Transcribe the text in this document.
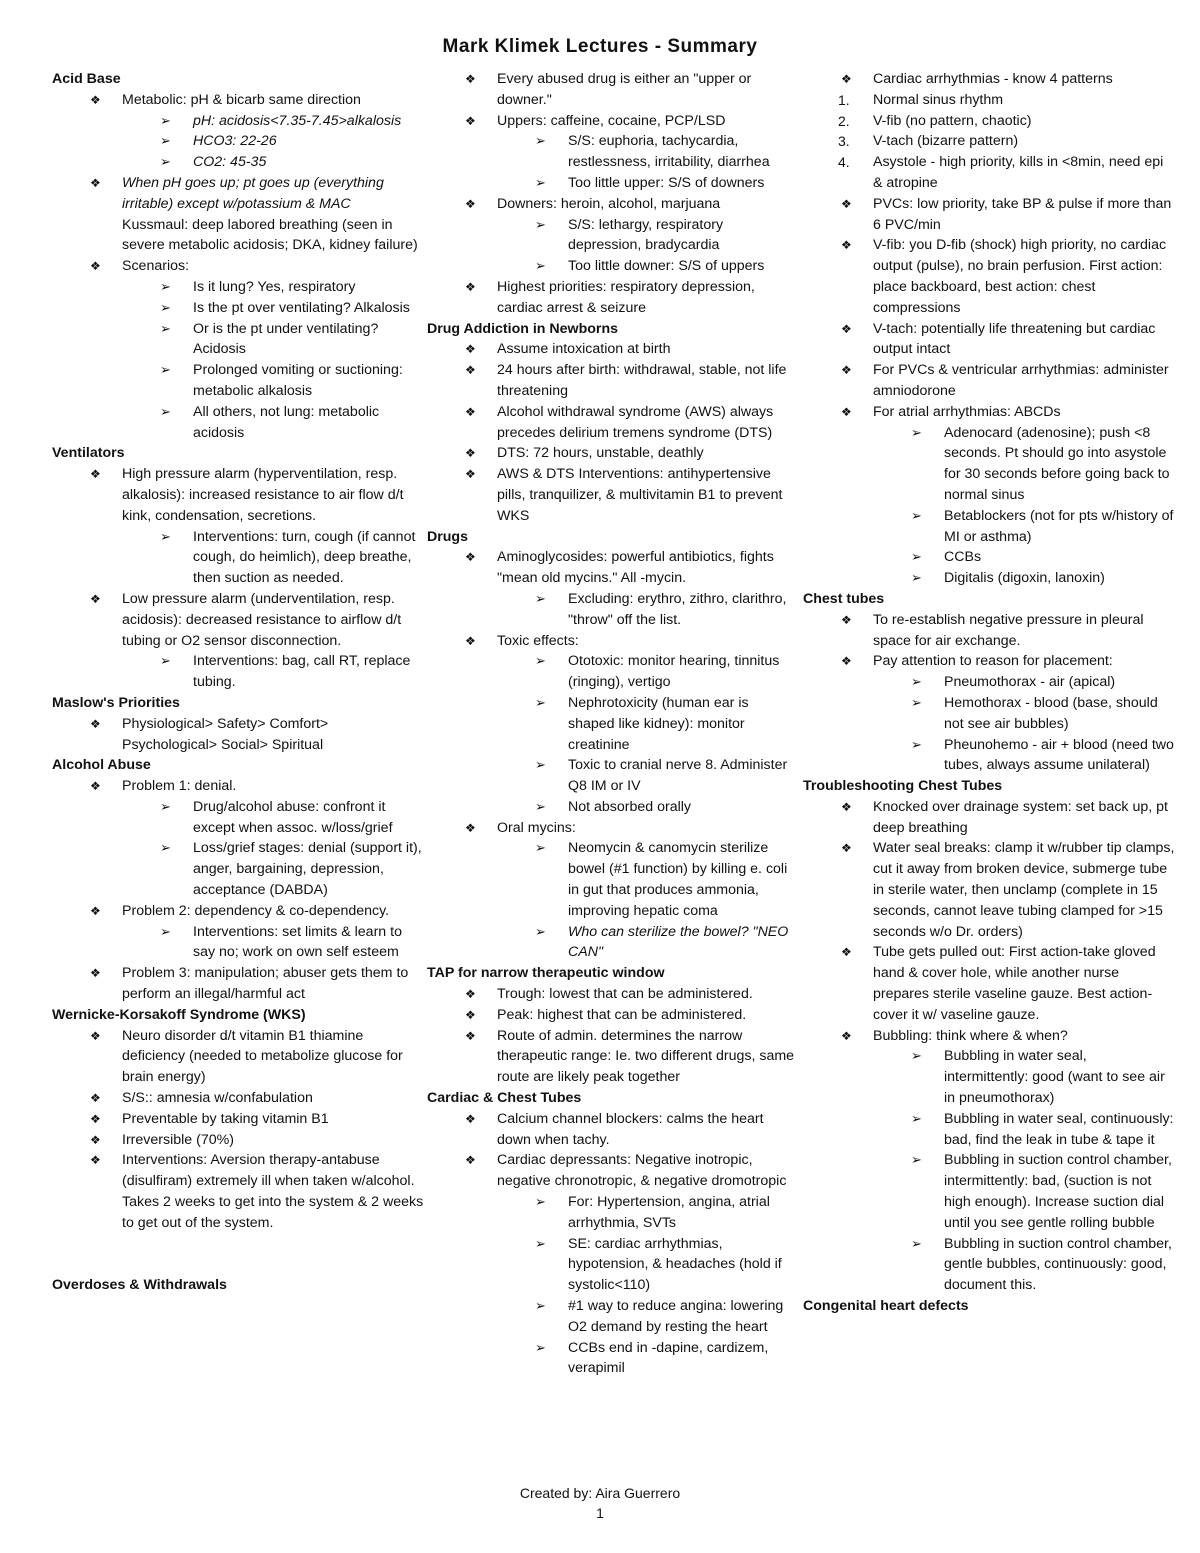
Mark Klimek Lectures - Summary
Acid Base
❖ Metabolic: pH & bicarb same direction
➢ pH: acidosis<7.35-7.45>alkalosis
➢ HCO3: 22-26
➢ CO2: 45-35
❖ When pH goes up; pt goes up (everything irritable) except w/potassium & MAC
Kussmaul: deep labored breathing (seen in severe metabolic acidosis; DKA, kidney failure)
❖ Scenarios:
➢ Is it lung? Yes, respiratory
➢ Is the pt over ventilating? Alkalosis
➢ Or is the pt under ventilating? Acidosis
➢ Prolonged vomiting or suctioning: metabolic alkalosis
➢ All others, not lung: metabolic acidosis
Ventilators
❖ High pressure alarm (hyperventilation, resp. alkalosis): increased resistance to air flow d/t kink, condensation, secretions.
➢ Interventions: turn, cough (if cannot cough, do heimlich), deep breathe, then suction as needed.
❖ Low pressure alarm (underventilation, resp. acidosis): decreased resistance to airflow d/t tubing or O2 sensor disconnection.
➢ Interventions: bag, call RT, replace tubing.
Maslow's Priorities
❖ Physiological> Safety> Comfort> Psychological> Social> Spiritual
Alcohol Abuse
❖ Problem 1: denial.
➢ Drug/alcohol abuse: confront it except when assoc. w/loss/grief
➢ Loss/grief stages: denial (support it), anger, bargaining, depression, acceptance (DABDA)
❖ Problem 2: dependency & co-dependency.
➢ Interventions: set limits & learn to say no; work on own self esteem
❖ Problem 3: manipulation; abuser gets them to perform an illegal/harmful act
Wernicke-Korsakoff Syndrome (WKS)
❖ Neuro disorder d/t vitamin B1 thiamine deficiency (needed to metabolize glucose for brain energy)
❖ S/S:: amnesia w/confabulation
❖ Preventable by taking vitamin B1
❖ Irreversible (70%)
❖ Interventions: Aversion therapy-antabuse (disulfiram) extremely ill when taken w/alcohol. Takes 2 weeks to get into the system & 2 weeks to get out of the system.
Overdoses & Withdrawals
❖ Every abused drug is either an "upper or downer."
❖ Uppers: caffeine, cocaine, PCP/LSD
➢ S/S: euphoria, tachycardia, restlessness, irritability, diarrhea
➢ Too little upper: S/S of downers
❖ Downers: heroin, alcohol, marjuana
➢ S/S: lethargy, respiratory depression, bradycardia
➢ Too little downer: S/S of uppers
❖ Highest priorities: respiratory depression, cardiac arrest & seizure
Drug Addiction in Newborns
❖ Assume intoxication at birth
❖ 24 hours after birth: withdrawal, stable, not life threatening
❖ Alcohol withdrawal syndrome (AWS) always precedes delirium tremens syndrome (DTS)
❖ DTS: 72 hours, unstable, deathly
❖ AWS & DTS Interventions: antihypertensive pills, tranquilizer, & multivitamin B1 to prevent WKS
Drugs
❖ Aminoglycosides: powerful antibiotics, fights "mean old mycins." All -mycin.
➢ Excluding: erythro, zithro, clarithro, "throw" off the list.
❖ Toxic effects:
➢ Ototoxic: monitor hearing, tinnitus (ringing), vertigo
➢ Nephrotoxicity (human ear is shaped like kidney): monitor creatinine
➢ Toxic to cranial nerve 8. Administer Q8 IM or IV
➢ Not absorbed orally
❖ Oral mycins:
➢ Neomycin & canomycin sterilize bowel (#1 function) by killing e. coli in gut that produces ammonia, improving hepatic coma
➢ Who can sterilize the bowel? "NEO CAN"
TAP for narrow therapeutic window
❖ Trough: lowest that can be administered.
❖ Peak: highest that can be administered.
❖ Route of admin. determines the narrow therapeutic range: Ie. two different drugs, same route are likely peak together
Cardiac & Chest Tubes
❖ Calcium channel blockers: calms the heart down when tachy.
❖ Cardiac depressants: Negative inotropic, negative chronotropic, & negative dromotropic
➢ For: Hypertension, angina, atrial arrhythmia, SVTs
➢ SE: cardiac arrhythmias, hypotension, & headaches (hold if systolic<110)
➢ #1 way to reduce angina: lowering O2 demand by resting the heart
➢ CCBs end in -dapine, cardizem, verapimil
❖ Cardiac arrhythmias - know 4 patterns
1. Normal sinus rhythm
2. V-fib (no pattern, chaotic)
3. V-tach (bizarre pattern)
4. Asystole - high priority, kills in <8min, need epi & atropine
❖ PVCs: low priority, take BP & pulse if more than 6 PVC/min
❖ V-fib: you D-fib (shock) high priority, no cardiac output (pulse), no brain perfusion. First action: place backboard, best action: chest compressions
❖ V-tach: potentially life threatening but cardiac output intact
❖ For PVCs & ventricular arrhythmias: administer amniodorone
❖ For atrial arrhythmias: ABCDs
➢ Adenocard (adenosine); push <8 seconds. Pt should go into asystole for 30 seconds before going back to normal sinus
➢ Betablockers (not for pts w/history of MI or asthma)
➢ CCBs
➢ Digitalis (digoxin, lanoxin)
Chest tubes
❖ To re-establish negative pressure in pleural space for air exchange.
❖ Pay attention to reason for placement:
➢ Pneumothorax - air (apical)
➢ Hemothorax - blood (base, should not see air bubbles)
➢ Pheunohemo - air + blood (need two tubes, always assume unilateral)
Troubleshooting Chest Tubes
❖ Knocked over drainage system: set back up, pt deep breathing
❖ Water seal breaks: clamp it w/rubber tip clamps, cut it away from broken device, submerge tube in sterile water, then unclamp (complete in 15 seconds, cannot leave tubing clamped for >15 seconds w/o Dr. orders)
❖ Tube gets pulled out: First action-take gloved hand & cover hole, while another nurse prepares sterile vaseline gauze. Best action-cover it w/ vaseline gauze.
❖ Bubbling: think where & when?
➢ Bubbling in water seal, intermittently: good (want to see air in pneumothorax)
➢ Bubbling in water seal, continuously: bad, find the leak in tube & tape it
➢ Bubbling in suction control chamber, intermittently: bad, (suction is not high enough). Increase suction dial until you see gentle rolling bubble
➢ Bubbling in suction control chamber, gentle bubbles, continuously: good, document this.
Congenital heart defects
Created by: Aira Guerrero
1
